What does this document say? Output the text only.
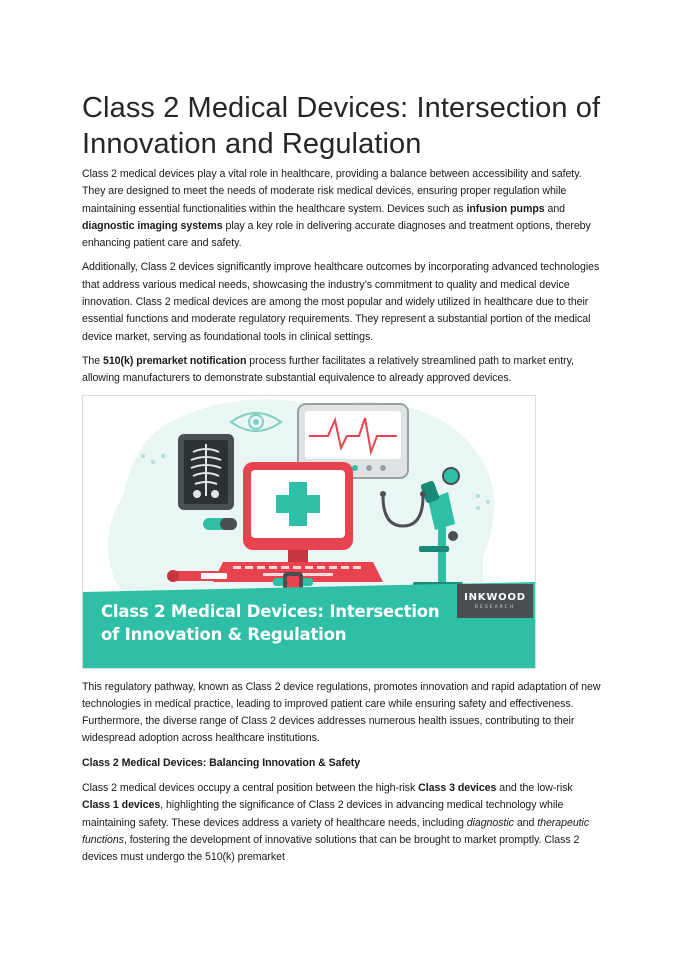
Class 2 Medical Devices: Intersection of Innovation and Regulation

Class 2 medical devices play a vital role in healthcare, providing a balance between accessibility and safety. They are designed to meet the needs of moderate risk medical devices, ensuring proper regulation while maintaining essential functionalities within the healthcare system. Devices such as infusion pumps and diagnostic imaging systems play a key role in delivering accurate diagnoses and treatment options, thereby enhancing patient care and safety.

Additionally, Class 2 devices significantly improve healthcare outcomes by incorporating advanced technologies that address various medical needs, showcasing the industry’s commitment to quality and medical device innovation. Class 2 medical devices are among the most popular and widely utilized in healthcare due to their essential functions and moderate regulatory requirements. They represent a substantial portion of the medical device market, serving as foundational tools in clinical settings.

The 510(k) premarket notification process further facilitates a relatively streamlined path to market entry, allowing manufacturers to demonstrate substantial equivalence to already approved devices.

INKWOOD
RESEARCH
Class 2 Medical Devices: Intersection
of Innovation & Regulation

This regulatory pathway, known as Class 2 device regulations, promotes innovation and rapid adaptation of new technologies in medical practice, leading to improved patient care while ensuring safety and effectiveness. Furthermore, the diverse range of Class 2 devices addresses numerous health issues, contributing to their widespread adoption across healthcare institutions.

Class 2 Medical Devices: Balancing Innovation & Safety

Class 2 medical devices occupy a central position between the high-risk Class 3 devices and the low-risk Class 1 devices, highlighting the significance of Class 2 devices in advancing medical technology while maintaining safety. These devices address a variety of healthcare needs, including diagnostic and therapeutic functions, fostering the development of innovative solutions that can be brought to market promptly. Class 2 devices must undergo the 510(k) premarket
